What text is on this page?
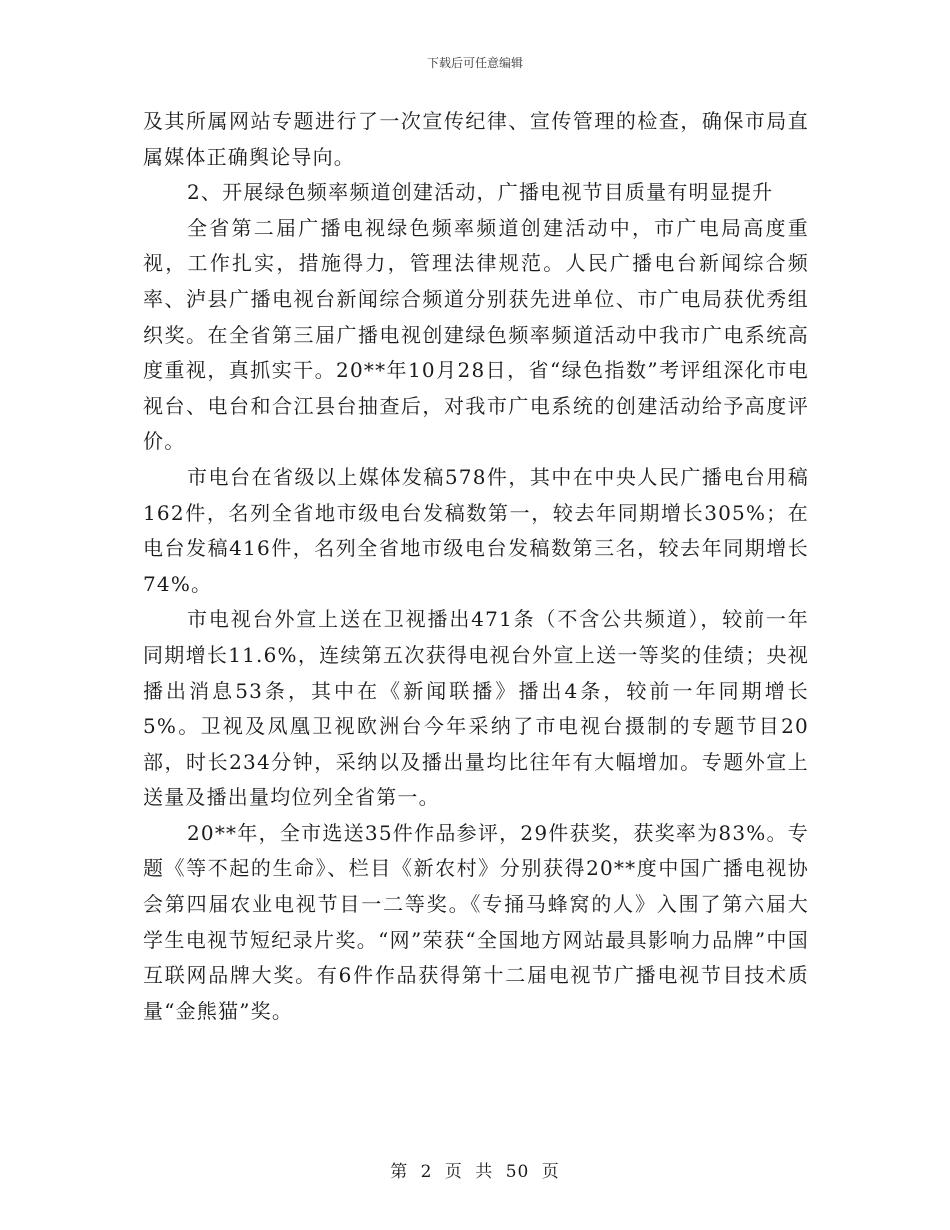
下载后可任意编辑

及其所属网站专题进行了一次宣传纪律、宣传管理的检查，确保市局直属媒体正确舆论导向。

2、开展绿色频率频道创建活动，广播电视节目质量有明显提升

全省第二届广播电视绿色频率频道创建活动中，市广电局高度重视，工作扎实，措施得力，管理法律规范。人民广播电台新闻综合频率、泸县广播电视台新闻综合频道分别获先进单位、市广电局获优秀组织奖。在全省第三届广播电视创建绿色频率频道活动中我市广电系统高度重视，真抓实干。20**年10月28日，省“绿色指数”考评组深化市电视台、电台和合江县台抽查后，对我市广电系统的创建活动给予高度评价。

市电台在省级以上媒体发稿578件，其中在中央人民广播电台用稿162件，名列全省地市级电台发稿数第一，较去年同期增长305%；在电台发稿416件，名列全省地市级电台发稿数第三名，较去年同期增长74%。

市电视台外宣上送在卫视播出471条（不含公共频道），较前一年同期增长11.6%，连续第五次获得电视台外宣上送一等奖的佳绩；央视播出消息53条，其中在《新闻联播》播出4条，较前一年同期增长5%。卫视及凤凰卫视欧洲台今年采纳了市电视台摄制的专题节目20部，时长234分钟，采纳以及播出量均比往年有大幅增加。专题外宣上送量及播出量均位列全省第一。

20**年，全市选送35件作品参评，29件获奖，获奖率为83%。专题《等不起的生命》、栏目《新农村》分别获得20**度中国广播电视协会第四届农业电视节目一二等奖。《专捅马蜂窝的人》入围了第六届大学生电视节短纪录片奖。“网”荣获“全国地方网站最具影响力品牌”中国互联网品牌大奖。有6件作品获得第十二届电视节广播电视节目技术质量“金熊猫”奖。

第 2 页 共 50 页
